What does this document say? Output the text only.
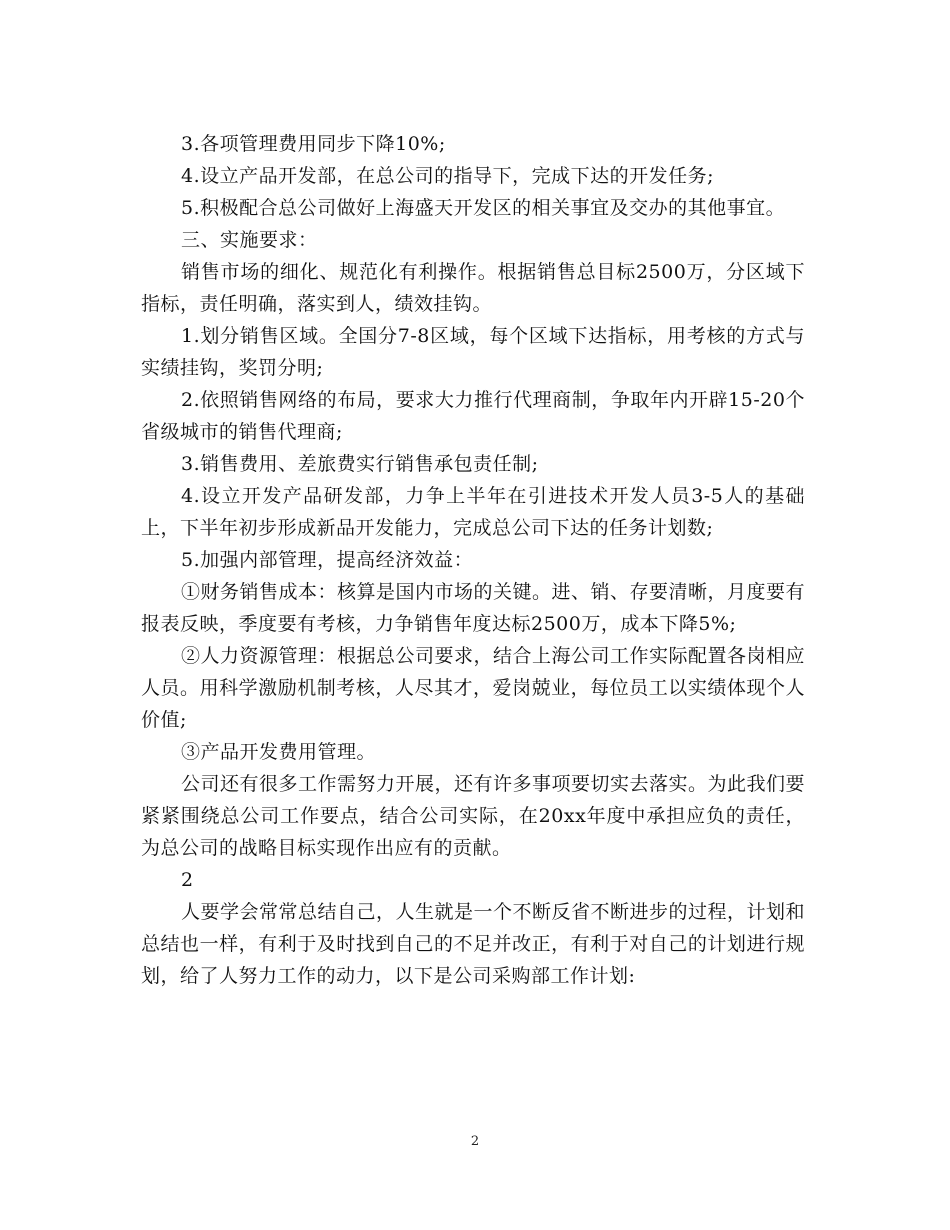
3.各项管理费用同步下降10%;

4.设立产品开发部，在总公司的指导下，完成下达的开发任务;

5.积极配合总公司做好上海盛天开发区的相关事宜及交办的其他事宜。

三、实施要求：

销售市场的细化、规范化有利操作。根据销售总目标2500万，分区域下指标，责任明确，落实到人，绩效挂钩。

1.划分销售区域。全国分7-8区域，每个区域下达指标，用考核的方式与实绩挂钩，奖罚分明;

2.依照销售网络的布局，要求大力推行代理商制，争取年内开辟15-20个省级城市的销售代理商;

3.销售费用、差旅费实行销售承包责任制;

4.设立开发产品研发部，力争上半年在引进技术开发人员3-5人的基础上，下半年初步形成新品开发能力，完成总公司下达的任务计划数;

5.加强内部管理，提高经济效益：

①财务销售成本：核算是国内市场的关键。进、销、存要清晰，月度要有报表反映，季度要有考核，力争销售年度达标2500万，成本下降5%;

②人力资源管理：根据总公司要求，结合上海公司工作实际配置各岗相应人员。用科学激励机制考核，人尽其才，爱岗兢业，每位员工以实绩体现个人价值;

③产品开发费用管理。

公司还有很多工作需努力开展，还有许多事项要切实去落实。为此我们要紧紧围绕总公司工作要点，结合公司实际，在20xx年度中承担应负的责任，为总公司的战略目标实现作出应有的贡献。

2

人要学会常常总结自己，人生就是一个不断反省不断进步的过程，计划和总结也一样，有利于及时找到自己的不足并改正，有利于对自己的计划进行规划，给了人努力工作的动力，以下是公司采购部工作计划:

2
